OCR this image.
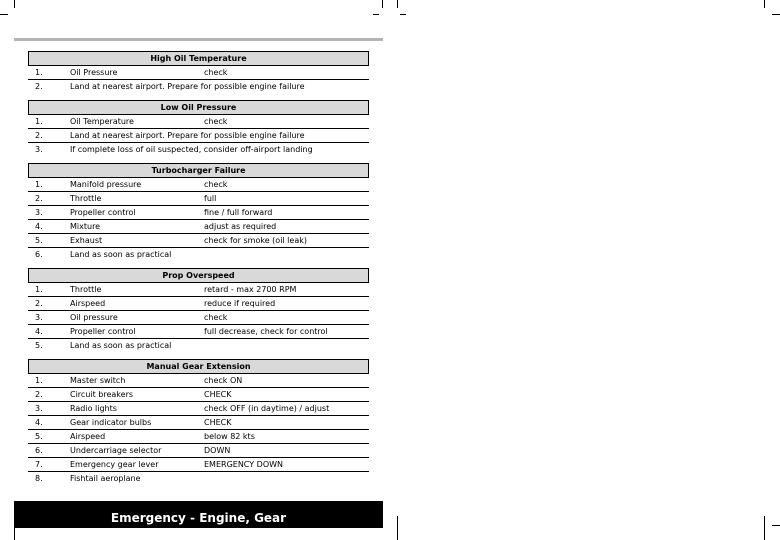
High Oil Temperature
1.	Oil Pressure	check
2.	Land at nearest airport. Prepare for possible engine failure
Low Oil Pressure
1.	Oil Temperature	check
2.	Land at nearest airport. Prepare for possible engine failure
3.	If complete loss of oil suspected, consider off-airport landing
Turbocharger Failure
1.	Manifold pressure	check
2.	Throttle	full
3.	Propeller control	fine / full forward
4.	Mixture	adjust as required
5.	Exhaust	check for smoke (oil leak)
6.	Land as soon as practical
Prop Overspeed
1.	Throttle	retard - max 2700 RPM
2.	Airspeed	reduce if required
3.	Oil pressure	check
4.	Propeller control	full decrease, check for control
5.	Land as soon as practical
Manual Gear Extension
1.	Master switch	check ON
2.	Circuit breakers	CHECK
3.	Radio lights	check OFF (in daytime) / adjust
4.	Gear indicator bulbs	CHECK
5.	Airspeed	below 82 kts
6.	Undercarriage selector	DOWN
7.	Emergency gear lever	EMERGENCY DOWN
8.	Fishtail aeroplane
Emergency - Engine, Gear
